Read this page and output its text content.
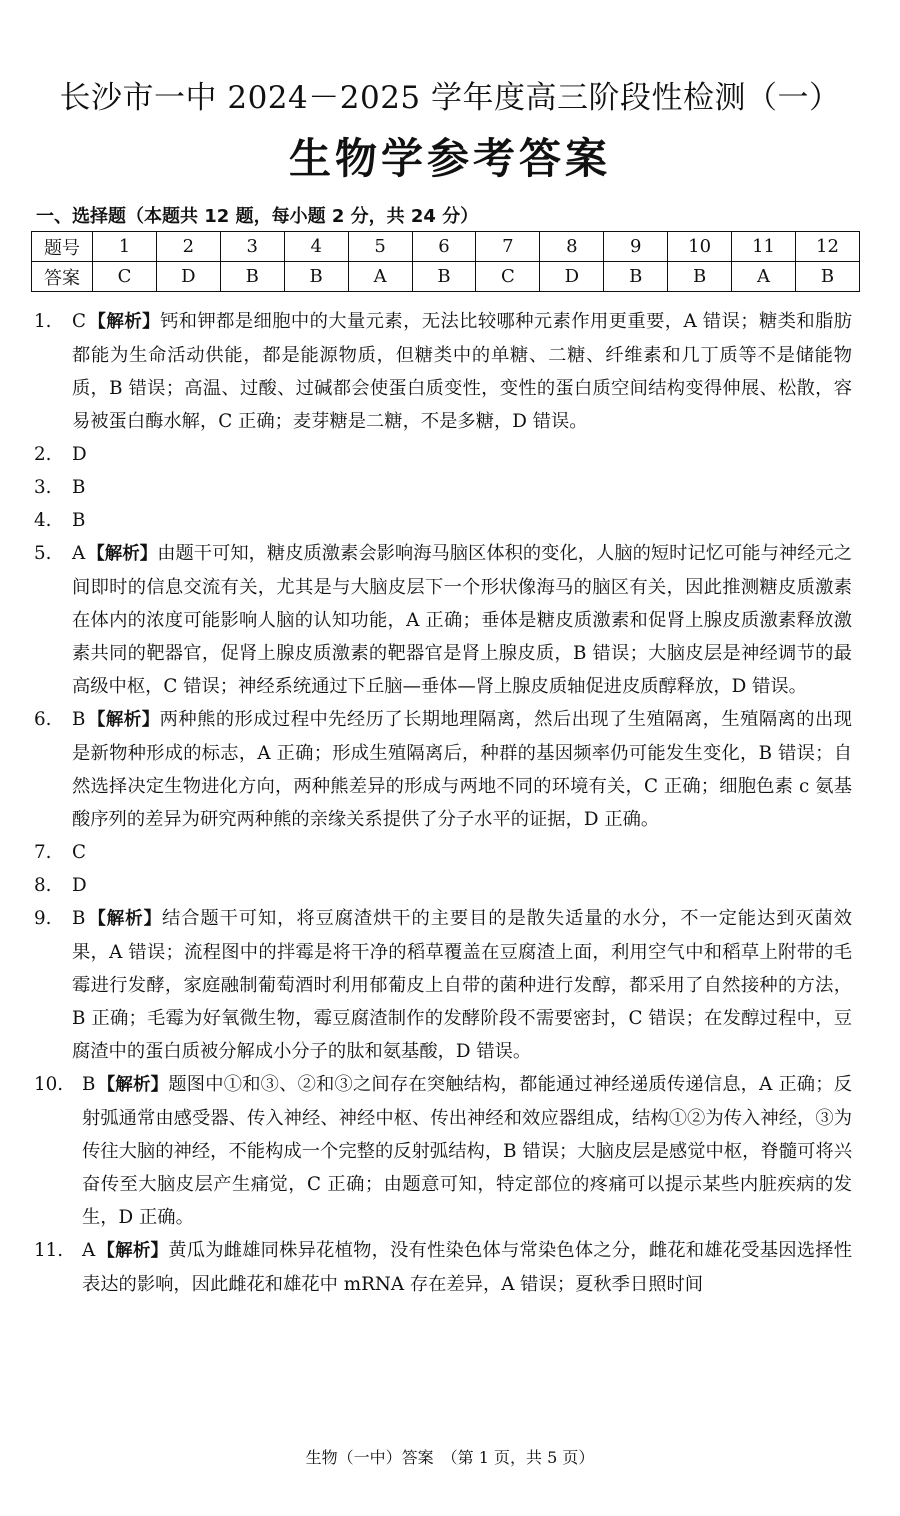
长沙市一中 2024－2025 学年度高三阶段性检测（一）
生物学参考答案
一、选择题（本题共 12 题，每小题 2 分，共 24 分）
题号	1	2	3	4	5	6	7	8	9	10	11	12
答案	C	D	B	B	A	B	C	D	B	B	A	B
1. C 【解析】钙和钾都是细胞中的大量元素，无法比较哪种元素作用更重要，A 错误；糖类和脂肪都能为生命活动供能，都是能源物质，但糖类中的单糖、二糖、纤维素和几丁质等不是储能物质，B 错误；高温、过酸、过碱都会使蛋白质变性，变性的蛋白质空间结构变得伸展、松散，容易被蛋白酶水解，C 正确；麦芽糖是二糖，不是多糖，D 错误。
2. D
3. B
4. B
5. A 【解析】由题干可知，糖皮质激素会影响海马脑区体积的变化，人脑的短时记忆可能与神经元之间即时的信息交流有关，尤其是与大脑皮层下一个形状像海马的脑区有关，因此推测糖皮质激素在体内的浓度可能影响人脑的认知功能，A 正确；垂体是糖皮质激素和促肾上腺皮质激素释放激素共同的靶器官，促肾上腺皮质激素的靶器官是肾上腺皮质，B 错误；大脑皮层是神经调节的最高级中枢，C 错误；神经系统通过下丘脑—垂体—肾上腺皮质轴促进皮质醇释放，D 错误。
6. B 【解析】两种熊的形成过程中先经历了长期地理隔离，然后出现了生殖隔离，生殖隔离的出现是新物种形成的标志，A 正确；形成生殖隔离后，种群的基因频率仍可能发生变化，B 错误；自然选择决定生物进化方向，两种熊差异的形成与两地不同的环境有关，C 正确；细胞色素 c 氨基酸序列的差异为研究两种熊的亲缘关系提供了分子水平的证据，D 正确。
7. C
8. D
9. B 【解析】结合题干可知，将豆腐渣烘干的主要目的是散失适量的水分，不一定能达到灭菌效果，A 错误；流程图中的拌霉是将干净的稻草覆盖在豆腐渣上面，利用空气中和稻草上附带的毛霉进行发酵，家庭融制葡萄酒时利用郁葡皮上自带的菌种进行发醇，都采用了自然接种的方法，B 正确；毛霉为好氧微生物，霉豆腐渣制作的发酵阶段不需要密封，C 错误；在发醇过程中，豆腐渣中的蛋白质被分解成小分子的肽和氨基酸，D 错误。
10. B 【解析】题图中①和③、②和③之间存在突触结构，都能通过神经递质传递信息，A 正确；反射弧通常由感受器、传入神经、神经中枢、传出神经和效应器组成，结构①②为传入神经，③为传往大脑的神经，不能构成一个完整的反射弧结构，B 错误；大脑皮层是感觉中枢，脊髓可将兴奋传至大脑皮层产生痛觉，C 正确；由题意可知，特定部位的疼痛可以提示某些内脏疾病的发生，D 正确。
11. A 【解析】黄瓜为雌雄同株异花植物，没有性染色体与常染色体之分，雌花和雄花受基因选择性表达的影响，因此雌花和雄花中 mRNA 存在差异，A 错误；夏秋季日照时间
生物（一中）答案　（第 1 页，共 5 页）
